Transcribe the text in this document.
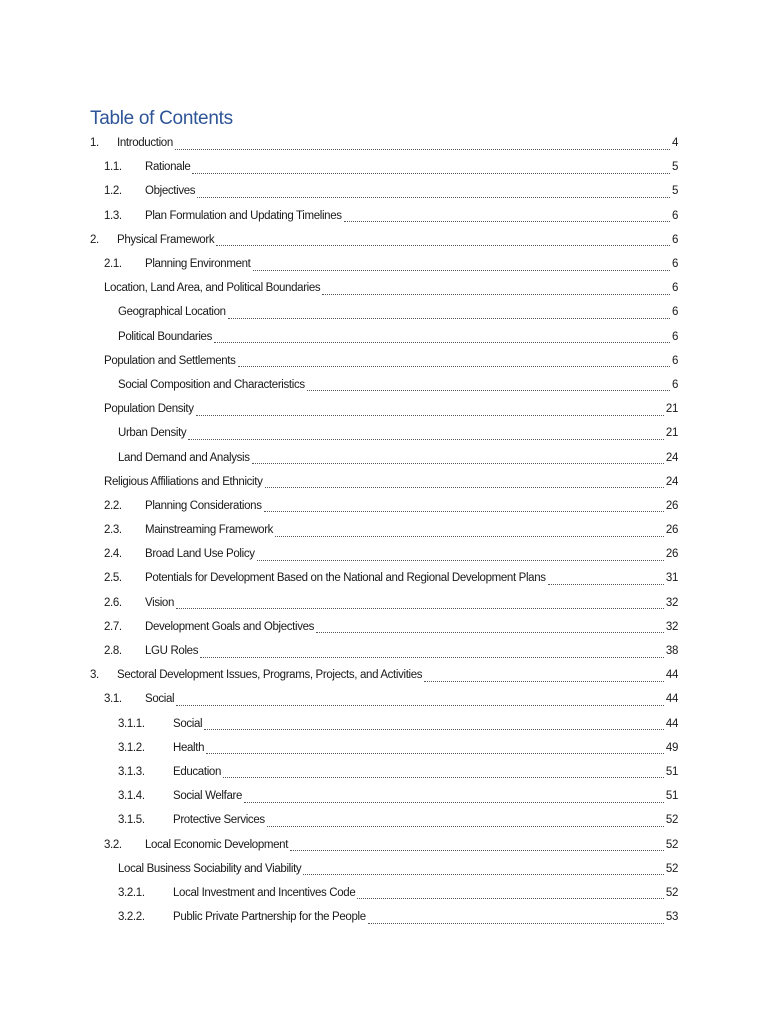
Table of Contents
1.	Introduction	4
1.1.	Rationale	5
1.2.	Objectives	5
1.3.	Plan Formulation and Updating Timelines	6
2.	Physical Framework	6
2.1.	Planning Environment	6
Location, Land Area, and Political Boundaries	6
Geographical Location	6
Political Boundaries	6
Population and Settlements	6
Social Composition and Characteristics	6
Population Density	21
Urban Density	21
Land Demand and Analysis	24
Religious Affiliations and Ethnicity	24
2.2.	Planning Considerations	26
2.3.	Mainstreaming Framework	26
2.4.	Broad Land Use Policy	26
2.5.	Potentials for Development Based on the National and Regional Development Plans	31
2.6.	Vision	32
2.7.	Development Goals and Objectives	32
2.8.	LGU Roles	38
3.	Sectoral Development Issues, Programs, Projects, and Activities	44
3.1.	Social	44
3.1.1.	Social	44
3.1.2.	Health	49
3.1.3.	Education	51
3.1.4.	Social Welfare	51
3.1.5.	Protective Services	52
3.2.	Local Economic Development	52
Local Business Sociability and Viability	52
3.2.1.	Local Investment and Incentives Code	52
3.2.2.	Public Private Partnership for the People	53
